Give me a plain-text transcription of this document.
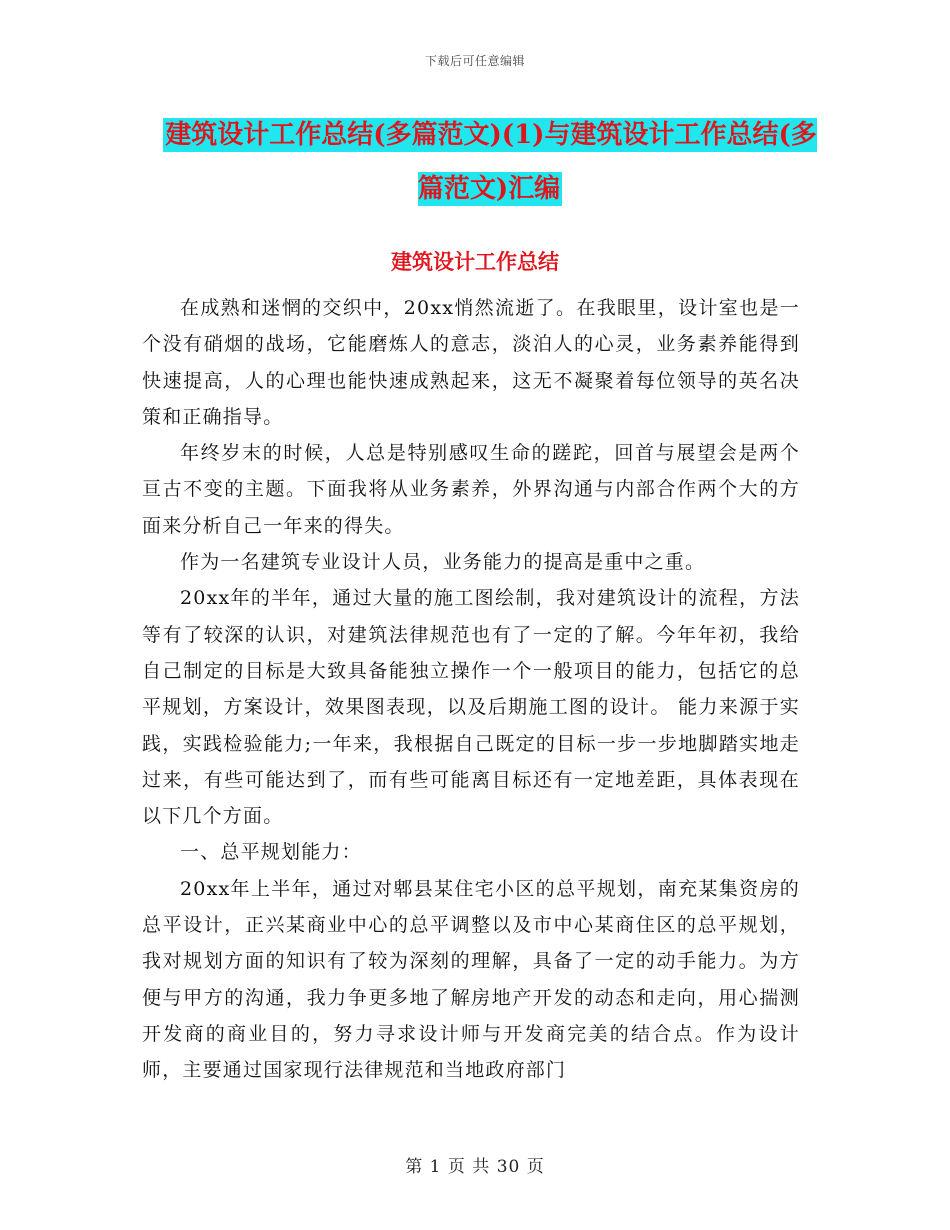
下载后可任意编辑
建筑设计工作总结(多篇范文)(1)与建筑设计工作总结(多篇范文)汇编
建筑设计工作总结

在成熟和迷惘的交织中，20xx悄然流逝了。在我眼里，设计室也是一个没有硝烟的战场，它能磨炼人的意志，淡泊人的心灵，业务素养能得到快速提高，人的心理也能快速成熟起来，这无不凝聚着每位领导的英名决策和正确指导。

年终岁末的时候，人总是特别感叹生命的蹉跎，回首与展望会是两个亘古不变的主题。下面我将从业务素养，外界沟通与内部合作两个大的方面来分析自己一年来的得失。

作为一名建筑专业设计人员，业务能力的提高是重中之重。

20xx年的半年，通过大量的施工图绘制，我对建筑设计的流程，方法等有了较深的认识，对建筑法律规范也有了一定的了解。今年年初，我给自己制定的目标是大致具备能独立操作一个一般项目的能力，包括它的总平规划，方案设计，效果图表现，以及后期施工图的设计。 能力来源于实践，实践检验能力;一年来，我根据自己既定的目标一步一步地脚踏实地走过来，有些可能达到了，而有些可能离目标还有一定地差距，具体表现在以下几个方面。

一、总平规划能力：

20xx年上半年，通过对郫县某住宅小区的总平规划，南充某集资房的总平设计，正兴某商业中心的总平调整以及市中心某商住区的总平规划，我对规划方面的知识有了较为深刻的理解，具备了一定的动手能力。为方便与甲方的沟通，我力争更多地了解房地产开发的动态和走向，用心揣测开发商的商业目的，努力寻求设计师与开发商完美的结合点。作为设计师，主要通过国家现行法律规范和当地政府部门

第 1 页 共 30 页
